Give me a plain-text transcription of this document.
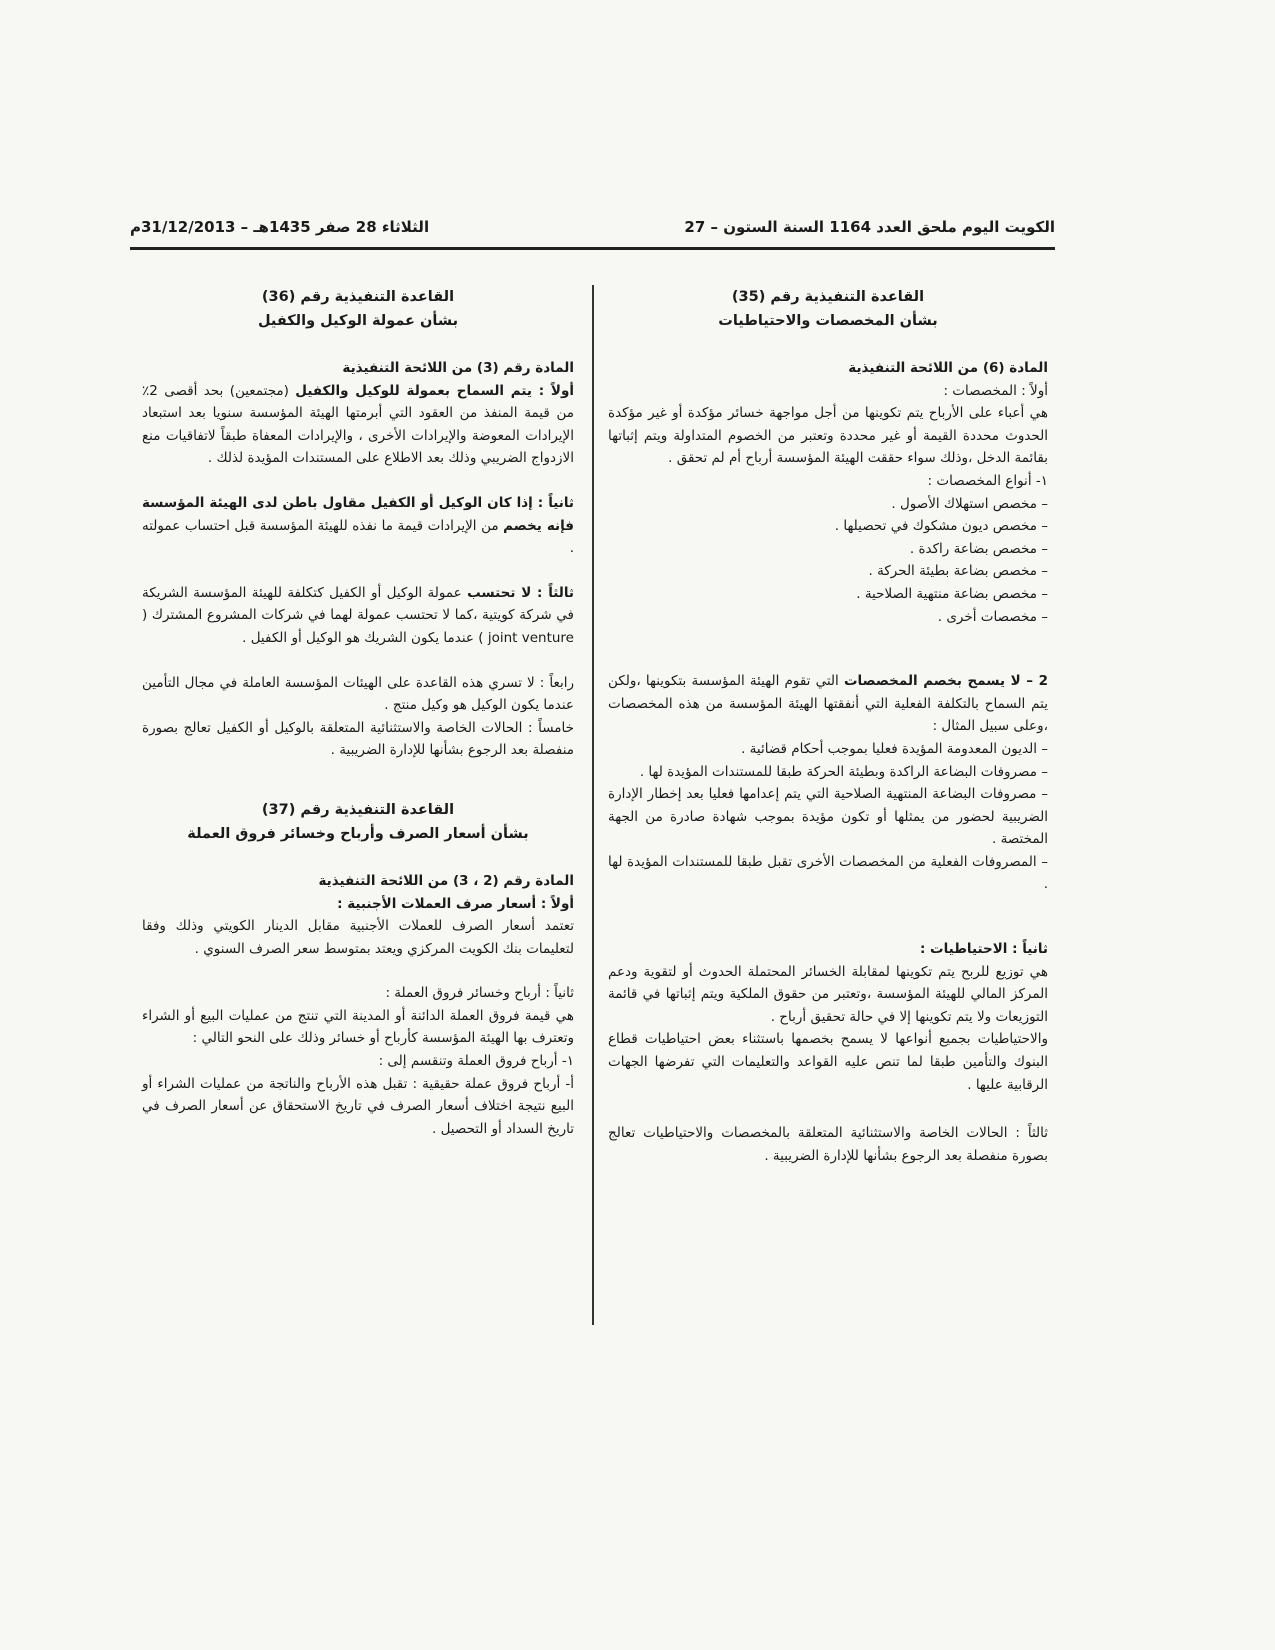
الكويت اليوم ملحق العدد 1164 السنة الستون – 27
الثلاثاء 28 صفر 1435هـ – 31/12/2013م
القاعدة التنفيذية رقم (35)
بشأن المخصصات والاحتياطيات
المادة (6) من اللائحة التنفيذية
أولاً : المخصصات :

هي أعباء على الأرباح يتم تكوينها من أجل مواجهة خسائر مؤكدة أو غير مؤكدة الحدوث محددة القيمة أو غير محددة وتعتبر من الخصوم المتداولة ويتم إثباتها بقائمة الدخل ،وذلك سواء حققت الهيئة المؤسسة أرباح أم لم تحقق .

١- أنواع المخصصات :
– مخصص استهلاك الأصول .
– مخصص ديون مشكوك في تحصيلها .
– مخصص بضاعة راكدة .
– مخصص بضاعة بطيئة الحركة .
– مخصص بضاعة منتهية الصلاحية .
– مخصصات أخرى .

2 – لا يسمح بخصم المخصصات التي تقوم الهيئة المؤسسة بتكوينها ،ولكن يتم السماح بالتكلفة الفعلية التي أنفقتها الهيئة المؤسسة من هذه المخصصات ،وعلى سبيل المثال :

– الديون المعدومة المؤيدة فعليا بموجب أحكام قضائية .
– مصروفات البضاعة الراكدة وبطيئة الحركة طبقا للمستندات المؤيدة لها .
– مصروفات البضاعة المنتهية الصلاحية التي يتم إعدامها فعليا بعد إخطار الإدارة الضريبية لحضور من يمثلها أو تكون مؤيدة بموجب شهادة صادرة من الجهة المختصة .
– المصروفات الفعلية من المخصصات الأخرى تقبل طبقا للمستندات المؤيدة لها .
ثانياً : الاحتياطيات :

هي توزيع للربح يتم تكوينها لمقابلة الخسائر المحتملة الحدوث أو لتقوية ودعم المركز المالي للهيئة المؤسسة ،وتعتبر من حقوق الملكية ويتم إثباتها في قائمة التوزيعات ولا يتم تكوينها إلا في حالة تحقيق أرباح .

والاحتياطيات بجميع أنواعها لا يسمح بخصمها باستثناء بعض احتياطيات قطاع البنوك والتأمين طبقا لما تنص عليه القواعد والتعليمات التي تفرضها الجهات الرقابية عليها .

ثالثاً : الحالات الخاصة والاستثنائية المتعلقة بالمخصصات والاحتياطيات تعالج بصورة منفصلة بعد الرجوع بشأنها للإدارة الضريبية .

القاعدة التنفيذية رقم (36)
بشأن عمولة الوكيل والكفيل
المادة رقم (3) من اللائحة التنفيذية

أولاً : يتم السماح بعمولة للوكيل والكفيل (مجتمعين) بحد أقصى 2٪ من قيمة المنفذ من العقود التي أبرمتها الهيئة المؤسسة سنويا بعد استبعاد الإيرادات المعوضة والإيرادات الأخرى ، والإيرادات المعفاة طبقاً لاتفاقيات منع الازدواج الضريبي وذلك بعد الاطلاع على المستندات المؤيدة لذلك .

ثانياً : إذا كان الوكيل أو الكفيل مقاول باطن لدى الهيئة المؤسسة فإنه يخصم من الإيرادات قيمة ما نفذه للهيئة المؤسسة قبل احتساب عمولته .

ثالثاً : لا تحتسب عمولة الوكيل أو الكفيل كتكلفة للهيئة المؤسسة الشريكة في شركة كويتية ،كما لا تحتسب عمولة لهما في شركات المشروع المشترك ( joint venture ) عندما يكون الشريك هو الوكيل أو الكفيل .

رابعاً : لا تسري هذه القاعدة على الهيئات المؤسسة العاملة في مجال التأمين عندما يكون الوكيل هو وكيل منتج .

خامساً : الحالات الخاصة والاستثنائية المتعلقة بالوكيل أو الكفيل تعالج بصورة منفصلة بعد الرجوع بشأنها للإدارة الضريبية .

القاعدة التنفيذية رقم (37)
بشأن أسعار الصرف وأرباح وخسائر فروق العملة
المادة رقم (2 ، 3) من اللائحة التنفيذية
أولاً : أسعار صرف العملات الأجنبية :

تعتمد أسعار الصرف للعملات الأجنبية مقابل الدينار الكويتي وذلك وفقا لتعليمات بنك الكويت المركزي ويعتد بمتوسط سعر الصرف السنوي .

ثانياً : أرباح وخسائر فروق العملة :

هي قيمة فروق العملة الدائنة أو المدينة التي تنتج من عمليات البيع أو الشراء وتعترف بها الهيئة المؤسسة كأرباح أو خسائر وذلك على النحو التالي :

١- أرباح فروق العملة وتنقسم إلى :

أ- أرباح فروق عملة حقيقية : تقبل هذه الأرباح والناتجة من عمليات الشراء أو البيع نتيجة اختلاف أسعار الصرف في تاريخ الاستحقاق عن أسعار الصرف في تاريخ السداد أو التحصيل .
